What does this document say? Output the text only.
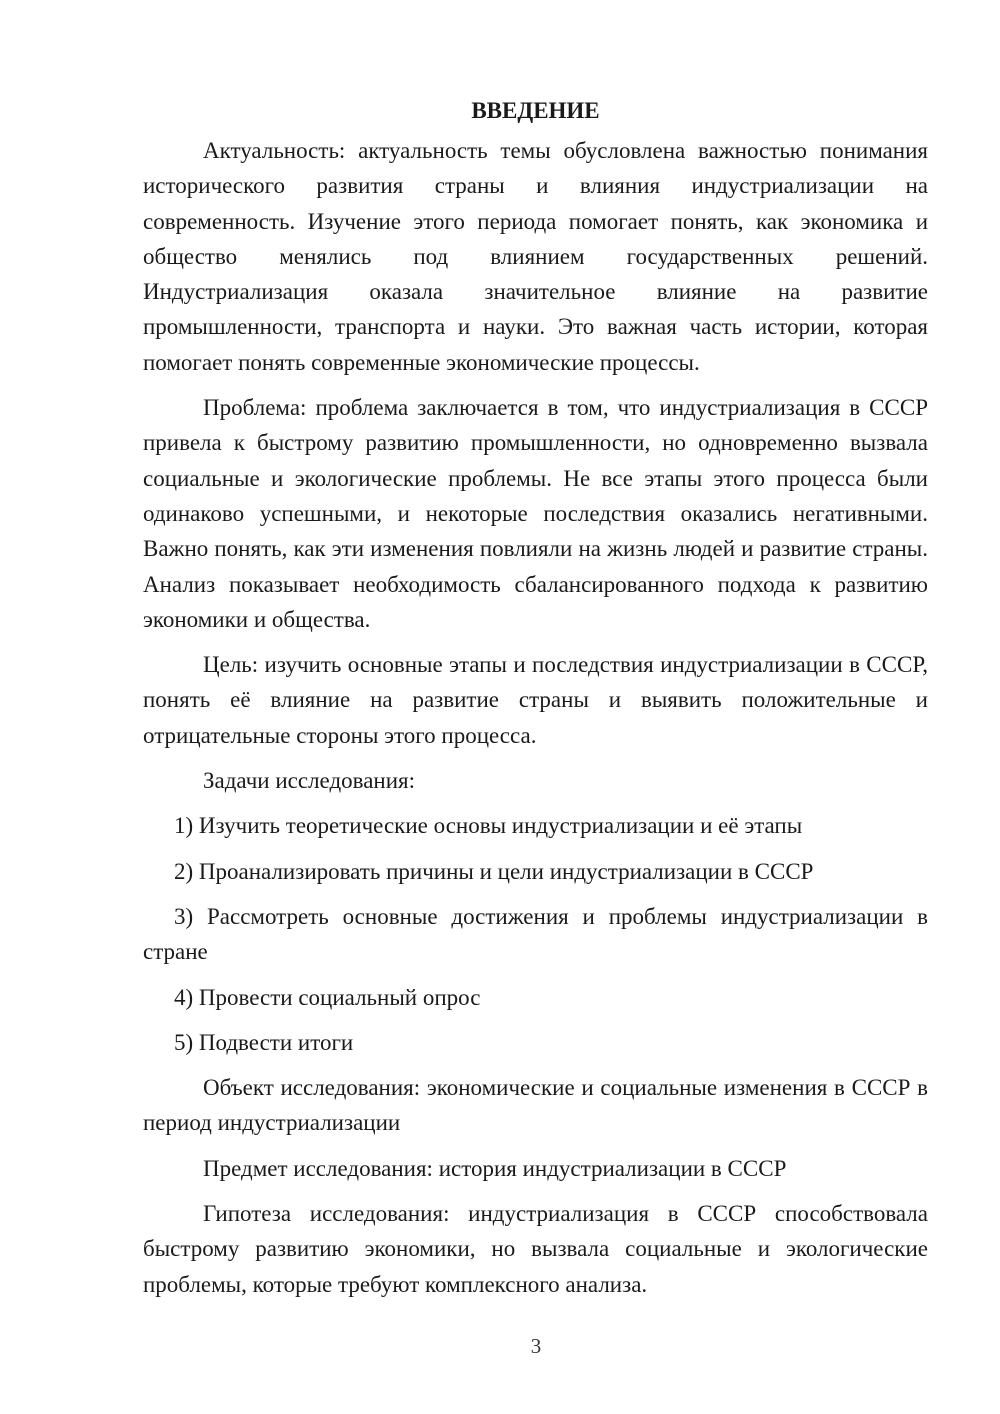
ВВЕДЕНИЕ

Актуальность: актуальность темы обусловлена важностью понимания исторического развития страны и влияния индустриализации на современность. Изучение этого периода помогает понять, как экономика и общество менялись под влиянием государственных решений. Индустриализация оказала значительное влияние на развитие промышленности, транспорта и науки. Это важная часть истории, которая помогает понять современные экономические процессы.

Проблема: проблема заключается в том, что индустриализация в СССР привела к быстрому развитию промышленности, но одновременно вызвала социальные и экологические проблемы. Не все этапы этого процесса были одинаково успешными, и некоторые последствия оказались негативными. Важно понять, как эти изменения повлияли на жизнь людей и развитие страны. Анализ показывает необходимость сбалансированного подхода к развитию экономики и общества.

Цель: изучить основные этапы и последствия индустриализации в СССР, понять её влияние на развитие страны и выявить положительные и отрицательные стороны этого процесса.

Задачи исследования:

1) Изучить теоретические основы индустриализации и её этапы

2) Проанализировать причины и цели индустриализации в СССР

3) Рассмотреть основные достижения и проблемы индустриализации в стране

4) Провести социальный опрос

5) Подвести итоги

Объект исследования: экономические и социальные изменения в СССР в период индустриализации

Предмет исследования: история индустриализации в СССР

Гипотеза исследования: индустриализация в СССР способствовала быстрому развитию экономики, но вызвала социальные и экологические проблемы, которые требуют комплексного анализа.

3
